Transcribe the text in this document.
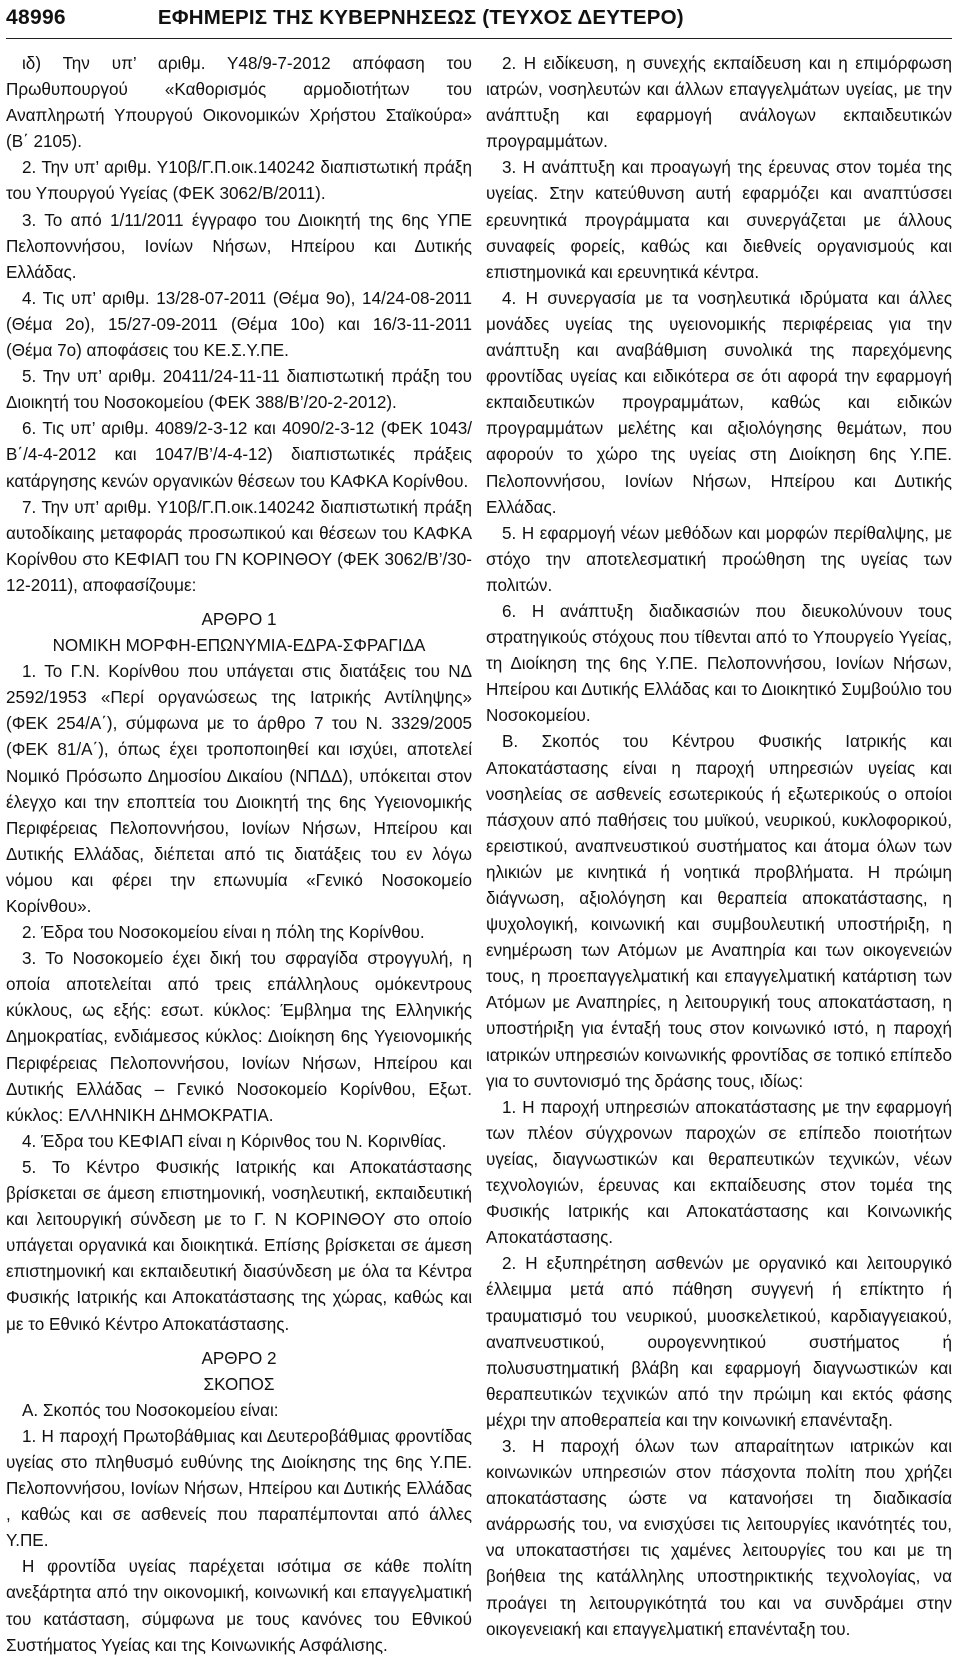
48996	ΕΦΗΜΕΡΙΣ ΤΗΣ ΚΥΒΕΡΝΗΣΕΩΣ (ΤΕΥΧΟΣ ΔΕΥΤΕΡΟ)

ιδ) Την υπ’ αριθμ. Υ48/9-7-2012 απόφαση του Πρωθυπουργού «Καθορισμός αρμοδιοτήτων του Αναπληρωτή Υπουργού Οικονομικών Χρήστου Σταϊκούρα» (Β΄ 2105).

2. Την υπ’ αριθμ. Υ10β/Γ.Π.οικ.140242 διαπιστωτική πράξη του Υπουργού Υγείας (ΦΕΚ 3062/Β/2011).

3. Το από 1/11/2011 έγγραφο του Διοικητή της 6ης ΥΠΕ Πελοποννήσου, Ιονίων Νήσων, Ηπείρου και Δυτικής Ελλάδας.

4. Τις υπ’ αριθμ. 13/28-07-2011 (Θέμα 9ο), 14/24-08-2011 (Θέμα 2ο), 15/27-09-2011 (Θέμα 10ο) και 16/3-11-2011 (Θέμα 7ο) αποφάσεις του ΚΕ.Σ.Υ.ΠΕ.

5. Την υπ’ αριθμ. 20411/24-11-11 διαπιστωτική πράξη του Διοικητή του Νοσοκομείου (ΦΕΚ 388/Β’/20-2-2012).

6. Τις υπ’ αριθμ. 4089/2-3-12 και 4090/2-3-12 (ΦΕΚ 1043/Β΄/4-4-2012 και 1047/Β’/4-4-12) διαπιστωτικές πράξεις κατάργησης κενών οργανικών θέσεων του ΚΑΦΚΑ Κορίνθου.

7. Την υπ’ αριθμ. Υ10β/Γ.Π.οικ.140242 διαπιστωτική πράξη αυτοδίκαιης μεταφοράς προσωπικού και θέσεων του ΚΑΦΚΑ Κορίνθου στο ΚΕΦΙΑΠ του ΓΝ ΚΟΡΙΝΘΟΥ (ΦΕΚ 3062/Β’/30-12-2011), αποφασίζουμε:

ΑΡΘΡΟ 1

ΝΟΜΙΚΗ ΜΟΡΦΗ-ΕΠΩΝΥΜΙΑ-ΕΔΡΑ-ΣΦΡΑΓΙΔΑ

1. Το Γ.Ν. Κορίνθου που υπάγεται στις διατάξεις του ΝΔ 2592/1953 «Περί οργανώσεως της Ιατρικής Αντίληψης» (ΦΕΚ 254/Α΄), σύμφωνα με το άρθρο 7 του Ν. 3329/2005 (ΦΕΚ 81/Α΄), όπως έχει τροποποιηθεί και ισχύει, αποτελεί Νομικό Πρόσωπο Δημοσίου Δικαίου (ΝΠΔΔ), υπόκειται στον έλεγχο και την εποπτεία του Διοικητή της 6ης Υγειονομικής Περιφέρειας Πελοποννήσου, Ιονίων Νήσων, Ηπείρου και Δυτικής Ελλάδας, διέπεται από τις διατάξεις του εν λόγω νόμου και φέρει την επωνυμία «Γενικό Νοσοκομείο Κορίνθου».

2. Έδρα του Νοσοκομείου είναι η πόλη της Κορίνθου.

3. Το Νοσοκομείο έχει δική του σφραγίδα στρογγυλή, η οποία αποτελείται από τρεις επάλληλους ομόκεντρους κύκλους, ως εξής: εσωτ. κύκλος: Έμβλημα της Ελληνικής Δημοκρατίας, ενδιάμεσος κύκλος: Διοίκηση 6ης Υγειονομικής Περιφέρειας Πελοποννήσου, Ιονίων Νήσων, Ηπείρου και Δυτικής Ελλάδας – Γενικό Νοσοκομείο Κορίνθου, Εξωτ. κύκλος: ΕΛΛΗΝΙΚΗ ΔΗΜΟΚΡΑΤΙΑ.

4. Έδρα του ΚΕΦΙΑΠ είναι η Κόρινθος του Ν. Κορινθίας.

5. Το Κέντρο Φυσικής Ιατρικής και Αποκατάστασης βρίσκεται σε άμεση επιστημονική, νοσηλευτική, εκπαιδευτική και λειτουργική σύνδεση με το Γ. Ν ΚΟΡΙΝΘΟΥ στο οποίο υπάγεται οργανικά και διοικητικά. Επίσης βρίσκεται σε άμεση επιστημονική και εκπαιδευτική διασύνδεση με όλα τα Κέντρα Φυσικής Ιατρικής και Αποκατάστασης της χώρας, καθώς και με το Εθνικό Κέντρο Αποκατάστασης.

ΑΡΘΡΟ 2

ΣΚΟΠΟΣ

Α. Σκοπός του Νοσοκομείου είναι:

1. Η παροχή Πρωτοβάθμιας και Δευτεροβάθμιας φροντίδας υγείας στο πληθυσμό ευθύνης της Διοίκησης της 6ης Υ.ΠΕ. Πελοποννήσου, Ιονίων Νήσων, Ηπείρου και Δυτικής Ελλάδας , καθώς και σε ασθενείς που παραπέμπονται από άλλες Υ.ΠΕ.

Η φροντίδα υγείας παρέχεται ισότιμα σε κάθε πολίτη ανεξάρτητα από την οικονομική, κοινωνική και επαγγελματική του κατάσταση, σύμφωνα με τους κανόνες του Εθνικού Συστήματος Υγείας και της Κοινωνικής Ασφάλισης.

2. Η ειδίκευση, η συνεχής εκπαίδευση και η επιμόρφωση ιατρών, νοσηλευτών και άλλων επαγγελμάτων υγείας, με την ανάπτυξη και εφαρμογή ανάλογων εκπαιδευτικών προγραμμάτων.

3. Η ανάπτυξη και προαγωγή της έρευνας στον τομέα της υγείας. Στην κατεύθυνση αυτή εφαρμόζει και αναπτύσσει ερευνητικά προγράμματα και συνεργάζεται με άλλους συναφείς φορείς, καθώς και διεθνείς οργανισμούς και επιστημονικά και ερευνητικά κέντρα.

4. Η συνεργασία με τα νοσηλευτικά ιδρύματα και άλλες μονάδες υγείας της υγειονομικής περιφέρειας για την ανάπτυξη και αναβάθμιση συνολικά της παρεχόμενης φροντίδας υγείας και ειδικότερα σε ότι αφορά την εφαρμογή εκπαιδευτικών προγραμμάτων, καθώς και ειδικών προγραμμάτων μελέτης και αξιολόγησης θεμάτων, που αφορούν το χώρο της υγείας στη Διοίκηση 6ης Υ.ΠΕ. Πελοποννήσου, Ιονίων Νήσων, Ηπείρου και Δυτικής Ελλάδας.

5. Η εφαρμογή νέων μεθόδων και μορφών περίθαλψης, με στόχο την αποτελεσματική προώθηση της υγείας των πολιτών.

6. Η ανάπτυξη διαδικασιών που διευκολύνουν τους στρατηγικούς στόχους που τίθενται από το Υπουργείο Υγείας, τη Διοίκηση της 6ης Υ.ΠΕ. Πελοποννήσου, Ιονίων Νήσων, Ηπείρου και Δυτικής Ελλάδας και το Διοικητικό Συμβούλιο του Νοσοκομείου.

Β. Σκοπός του Κέντρου Φυσικής Ιατρικής και Αποκατάστασης είναι η παροχή υπηρεσιών υγείας και νοσηλείας σε ασθενείς εσωτερικούς ή εξωτερικούς ο οποίοι πάσχουν από παθήσεις του μυϊκού, νευρικού, κυκλοφορικού, ερειστικού, αναπνευστικού συστήματος και άτομα όλων των ηλικιών με κινητικά ή νοητικά προβλήματα. Η πρώιμη διάγνωση, αξιολόγηση και θεραπεία αποκατάστασης, η ψυχολογική, κοινωνική και συμβουλευτική υποστήριξη, η ενημέρωση των Ατόμων με Αναπηρία και των οικογενειών τους, η προεπαγγελματική και επαγγελματική κατάρτιση των Ατόμων με Αναπηρίες, η λειτουργική τους αποκατάσταση, η υποστήριξη για ένταξή τους στον κοινωνικό ιστό, η παροχή ιατρικών υπηρεσιών κοινωνικής φροντίδας σε τοπικό επίπεδο για το συντονισμό της δράσης τους, ιδίως:

1. Η παροχή υπηρεσιών αποκατάστασης με την εφαρμογή των πλέον σύγχρονων παροχών σε επίπεδο ποιοτήτων υγείας, διαγνωστικών και θεραπευτικών τεχνικών, νέων τεχνολογιών, έρευνας και εκπαίδευσης στον τομέα της Φυσικής Ιατρικής και Αποκατάστασης και Κοινωνικής Αποκατάστασης.

2. Η εξυπηρέτηση ασθενών με οργανικό και λειτουργικό έλλειμμα μετά από πάθηση συγγενή ή επίκτητο ή τραυματισμό του νευρικού, μυοσκελετικού, καρδιαγγειακού, αναπνευστικού, ουρογεννητικού συστήματος ή πολυσυστηματική βλάβη και εφαρμογή διαγνωστικών και θεραπευτικών τεχνικών από την πρώιμη και εκτός φάσης μέχρι την αποθεραπεία και την κοινωνική επανένταξη.

3. Η παροχή όλων των απαραίτητων ιατρικών και κοινωνικών υπηρεσιών στον πάσχοντα πολίτη που χρήζει αποκατάστασης ώστε να κατανοήσει τη διαδικασία ανάρρωσής του, να ενισχύσει τις λειτουργίες ικανότητές του, να υποκαταστήσει τις χαμένες λειτουργίες του και με τη βοήθεια της κατάλληλης υποστηρικτικής τεχνολογίας, να προάγει τη λειτουργικότητά του και να συνδράμει στην οικογενειακή και επαγγελματική επανένταξη του.
